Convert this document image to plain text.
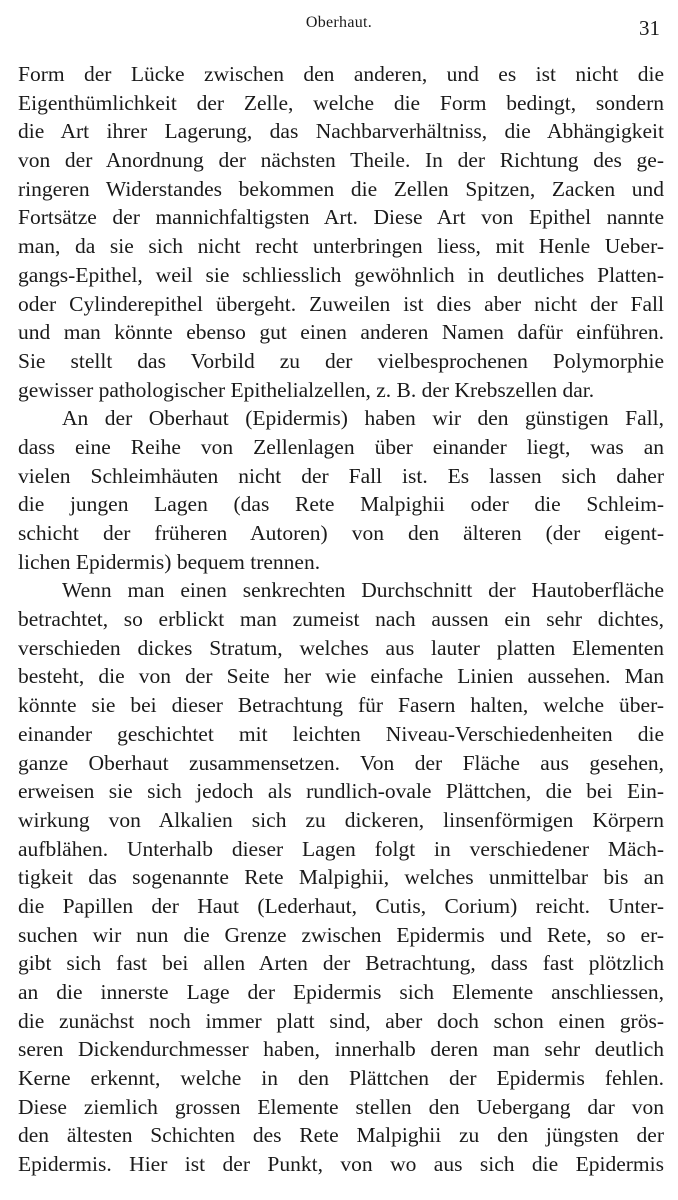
Oberhaut.	31
Form der Lücke zwischen den anderen, und es ist nicht die
Eigenthümlichkeit der Zelle, welche die Form bedingt, sondern
die Art ihrer Lagerung, das Nachbarverhältniss, die Abhängigkeit
von der Anordnung der nächsten Theile. In der Richtung des ge-
ringeren Widerstandes bekommen die Zellen Spitzen, Zacken und
Fortsätze der mannichfaltigsten Art. Diese Art von Epithel nannte
man, da sie sich nicht recht unterbringen liess, mit Henle Ueber-
gangs-Epithel, weil sie schliesslich gewöhnlich in deutliches Platten-
oder Cylinderepithel übergeht. Zuweilen ist dies aber nicht der Fall
und man könnte ebenso gut einen anderen Namen dafür einführen.
Sie stellt das Vorbild zu der vielbesprochenen Polymorphie
gewisser pathologischer Epithelialzellen, z. B. der Krebszellen dar.
An der Oberhaut (Epidermis) haben wir den günstigen Fall,
dass eine Reihe von Zellenlagen über einander liegt, was an
vielen Schleimhäuten nicht der Fall ist. Es lassen sich daher
die jungen Lagen (das Rete Malpighii oder die Schleim-
schicht der früheren Autoren) von den älteren (der eigent-
lichen Epidermis) bequem trennen.
Wenn man einen senkrechten Durchschnitt der Hautoberfläche
betrachtet, so erblickt man zumeist nach aussen ein sehr dichtes,
verschieden dickes Stratum, welches aus lauter platten Elementen
besteht, die von der Seite her wie einfache Linien aussehen. Man
könnte sie bei dieser Betrachtung für Fasern halten, welche über-
einander geschichtet mit leichten Niveau-Verschiedenheiten die
ganze Oberhaut zusammensetzen. Von der Fläche aus gesehen,
erweisen sie sich jedoch als rundlich-ovale Plättchen, die bei Ein-
wirkung von Alkalien sich zu dickeren, linsenförmigen Körpern
aufblähen. Unterhalb dieser Lagen folgt in verschiedener Mäch-
tigkeit das sogenannte Rete Malpighii, welches unmittelbar bis an
die Papillen der Haut (Lederhaut, Cutis, Corium) reicht. Unter-
suchen wir nun die Grenze zwischen Epidermis und Rete, so er-
gibt sich fast bei allen Arten der Betrachtung, dass fast plötzlich
an die innerste Lage der Epidermis sich Elemente anschliessen,
die zunächst noch immer platt sind, aber doch schon einen grös-
seren Dickendurchmesser haben, innerhalb deren man sehr deutlich
Kerne erkennt, welche in den Plättchen der Epidermis fehlen.
Diese ziemlich grossen Elemente stellen den Uebergang dar von
den ältesten Schichten des Rete Malpighii zu den jüngsten der
Epidermis. Hier ist der Punkt, von wo aus sich die Epidermis
